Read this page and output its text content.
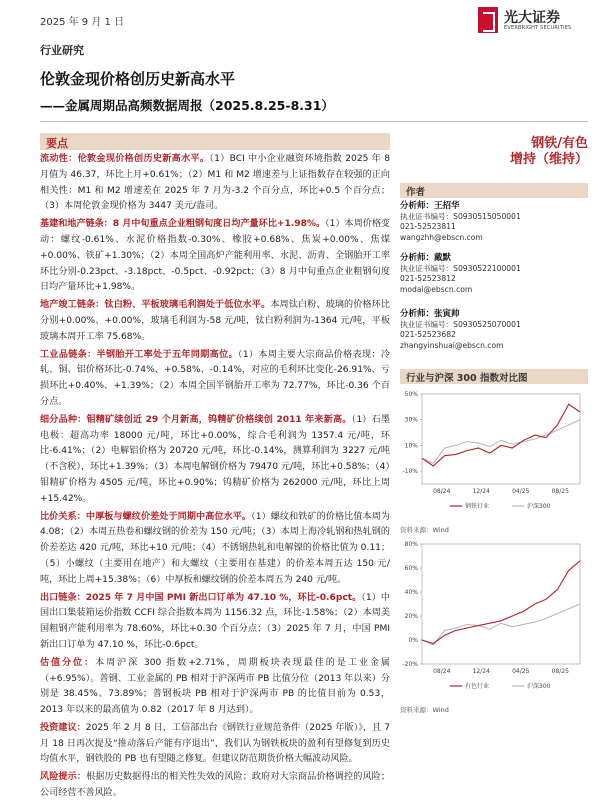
2025 年 9 月 1 日	光大证券
EVERBRIGHT SECURITIES
行业研究
伦敦金现价格创历史新高水平
——金属周期品高频数据周报（2025.8.25-8.31）
要点

流动性：伦敦金现价格创历史新高水平。（1）BCI 中小企业融资环境指数 2025 年 8 月值为 46.37，环比上月+0.61%；（2）M1 和 M2 增速差与上证指数存在较强的正向相关性：M1 和 M2 增速差在 2025 年 7 月为-3.2 个百分点，环比+0.5 个百分点；（3）本周伦敦金现价格为 3447 美元/盎司。

基建和地产链条：8 月中旬重点企业粗钢旬度日均产量环比+1.98%。（1）本周价格变动：螺纹-0.61%、水泥价格指数-0.30%、橡胶+0.68%、焦炭+0.00%、焦煤+0.00%、铁矿+1.30%；（2）本周全国高炉产能利用率、水泥、沥青、全钢胎开工率环比分别-0.23pct、-3.18pct、-0.5pct、-0.92pct；（3）8 月中旬重点企业粗钢旬度日均产量环比+1.98%。

地产竣工链条：钛白粉、平板玻璃毛利润处于低位水平。本周钛白粉、玻璃的价格环比分别+0.00%、+0.00%，玻璃毛利润为-58 元/吨，钛白粉利润为-1364 元/吨，平板玻璃本周开工率 75.68%。

工业品链条：半钢胎开工率处于五年同期高位。（1）本周主要大宗商品价格表现：冷轧、铜、铝价格环比-0.74%、+0.58%、-0.14%，对应的毛利环比变化-26.91%、亏损环比+0.40%、+1.39%；（2）本周全国半钢胎开工率为 72.77%，环比-0.36 个百分点。

细分品种：钼精矿续创近 29 个月新高，钨精矿价格续创 2011 年来新高。（1）石墨电极：超高功率 18000 元/吨，环比+0.00%，综合毛利润为 1357.4 元/吨，环比-6.41%；（2）电解铝价格为 20720 元/吨，环比-0.14%，测算利润为 3227 元/吨（不含税），环比+1.39%；（3）本周电解钢价格为 79470 元/吨，环比+0.58%；（4）钼精矿价格为 4505 元/吨，环比+0.90%；钨精矿价格为 262000 元/吨，环比上周+15.42%。

比价关系：中厚板与螺纹价差处于同期中高位水平。（1）螺纹和铁矿的价格比值本周为 4.08；（2）本周五热卷和螺纹钢的价差为 150 元/吨；（3）本周上海冷轧钢和热轧钢的价差差达 420 元/吨，环比+10 元/吨；（4）不锈钢热轧和电解镍的价格比值为 0.11；（5）小螺纹（主要用在地产）和大螺纹（主要用在基建）的价差本周五达 150 元/吨，环比上周+15.38%；（6）中厚板和螺纹钢的价差本周五为 240 元/吨。

出口链条：2025 年 7 月中国 PMI 新出口订单为 47.10 %，环比-0.6pct。（1）中国出口集装箱运价指数 CCFI 综合指数本周为 1156.32 点，环比-1.58%；（2）本周美国粗钢产能利用率为 78.60%，环比+0.30 个百分点；（3）2025 年 7 月，中国 PMI 新出口订单为 47.10 %，环比-0.6pct。

估值分位：本周沪深 300 指数+2.71%，周期板块表现最佳的是工业金属（+6.95%）。普钢、工业金属的 PB 相对于沪深两市 PB 比值分位（2013 年以来）分别是 38.45%、73.89%；普钢板块 PB 相对于沪深两市 PB 的比值目前为 0.53，2013 年以来的最高值为 0.82（2017 年 8 月达到）。

投资建议：2025 年 2 月 8 日，工信部出台《钢铁行业规范条件（2025 年版）》，且 7 月 18 日再次提及“推动落后产能有序退出”，我们认为钢铁板块的盈利有望修复到历史均值水平，钢铁股的 PB 也有望随之修复。但建议防范期货价格大幅波动风险。

风险提示：根据历史数据得出的相关性失效的风险；政府对大宗商品价格调控的风险；公司经营不善风险。

钢铁/有色
增持（维持）
作者
分析师：王招华
执业证书编号：S0930515050001
021-52523811
wangzhh@ebscn.com
分析师：戴默
执业证书编号：S0930522100001
021-52523812
modai@ebscn.com
分析师：张寅帅
执业证书编号：S0930525070001
021-52523682
zhangyinshuai@ebscn.com
行业与沪深 300 指数对比图
-10%
10%
30%
50%
08/24	12/24	04/25	08/25
钢铁行业	沪深300
资料来源：Wind
-20%
0%
20%
40%
60%
80%
08/24	12/24	04/25	08/25
有色行业	沪深300
资料来源：Wind
